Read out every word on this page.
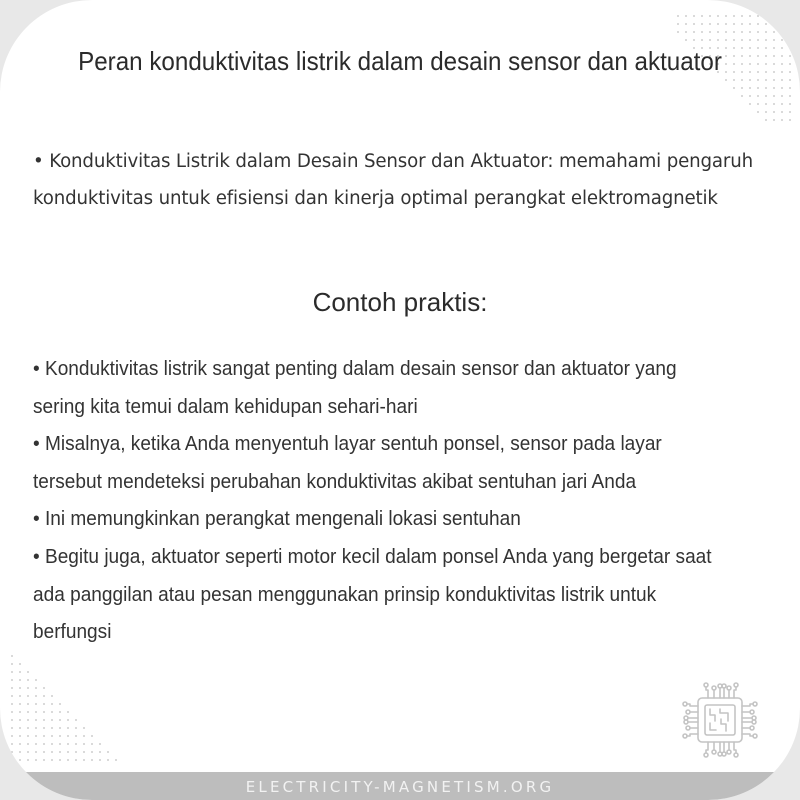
Peran konduktivitas listrik dalam desain sensor dan aktuator
• Konduktivitas Listrik dalam Desain Sensor dan Aktuator: memahami pengaruh konduktivitas untuk efisiensi dan kinerja optimal perangkat elektromagnetik
Contoh praktis:
• Konduktivitas listrik sangat penting dalam desain sensor dan aktuator yang sering kita temui dalam kehidupan sehari-hari
• Misalnya, ketika Anda menyentuh layar sentuh ponsel, sensor pada layar tersebut mendeteksi perubahan konduktivitas akibat sentuhan jari Anda
• Ini memungkinkan perangkat mengenali lokasi sentuhan
• Begitu juga, aktuator seperti motor kecil dalam ponsel Anda yang bergetar saat ada panggilan atau pesan menggunakan prinsip konduktivitas listrik untuk berfungsi
ELECTRICITY-MAGNETISM.ORG
